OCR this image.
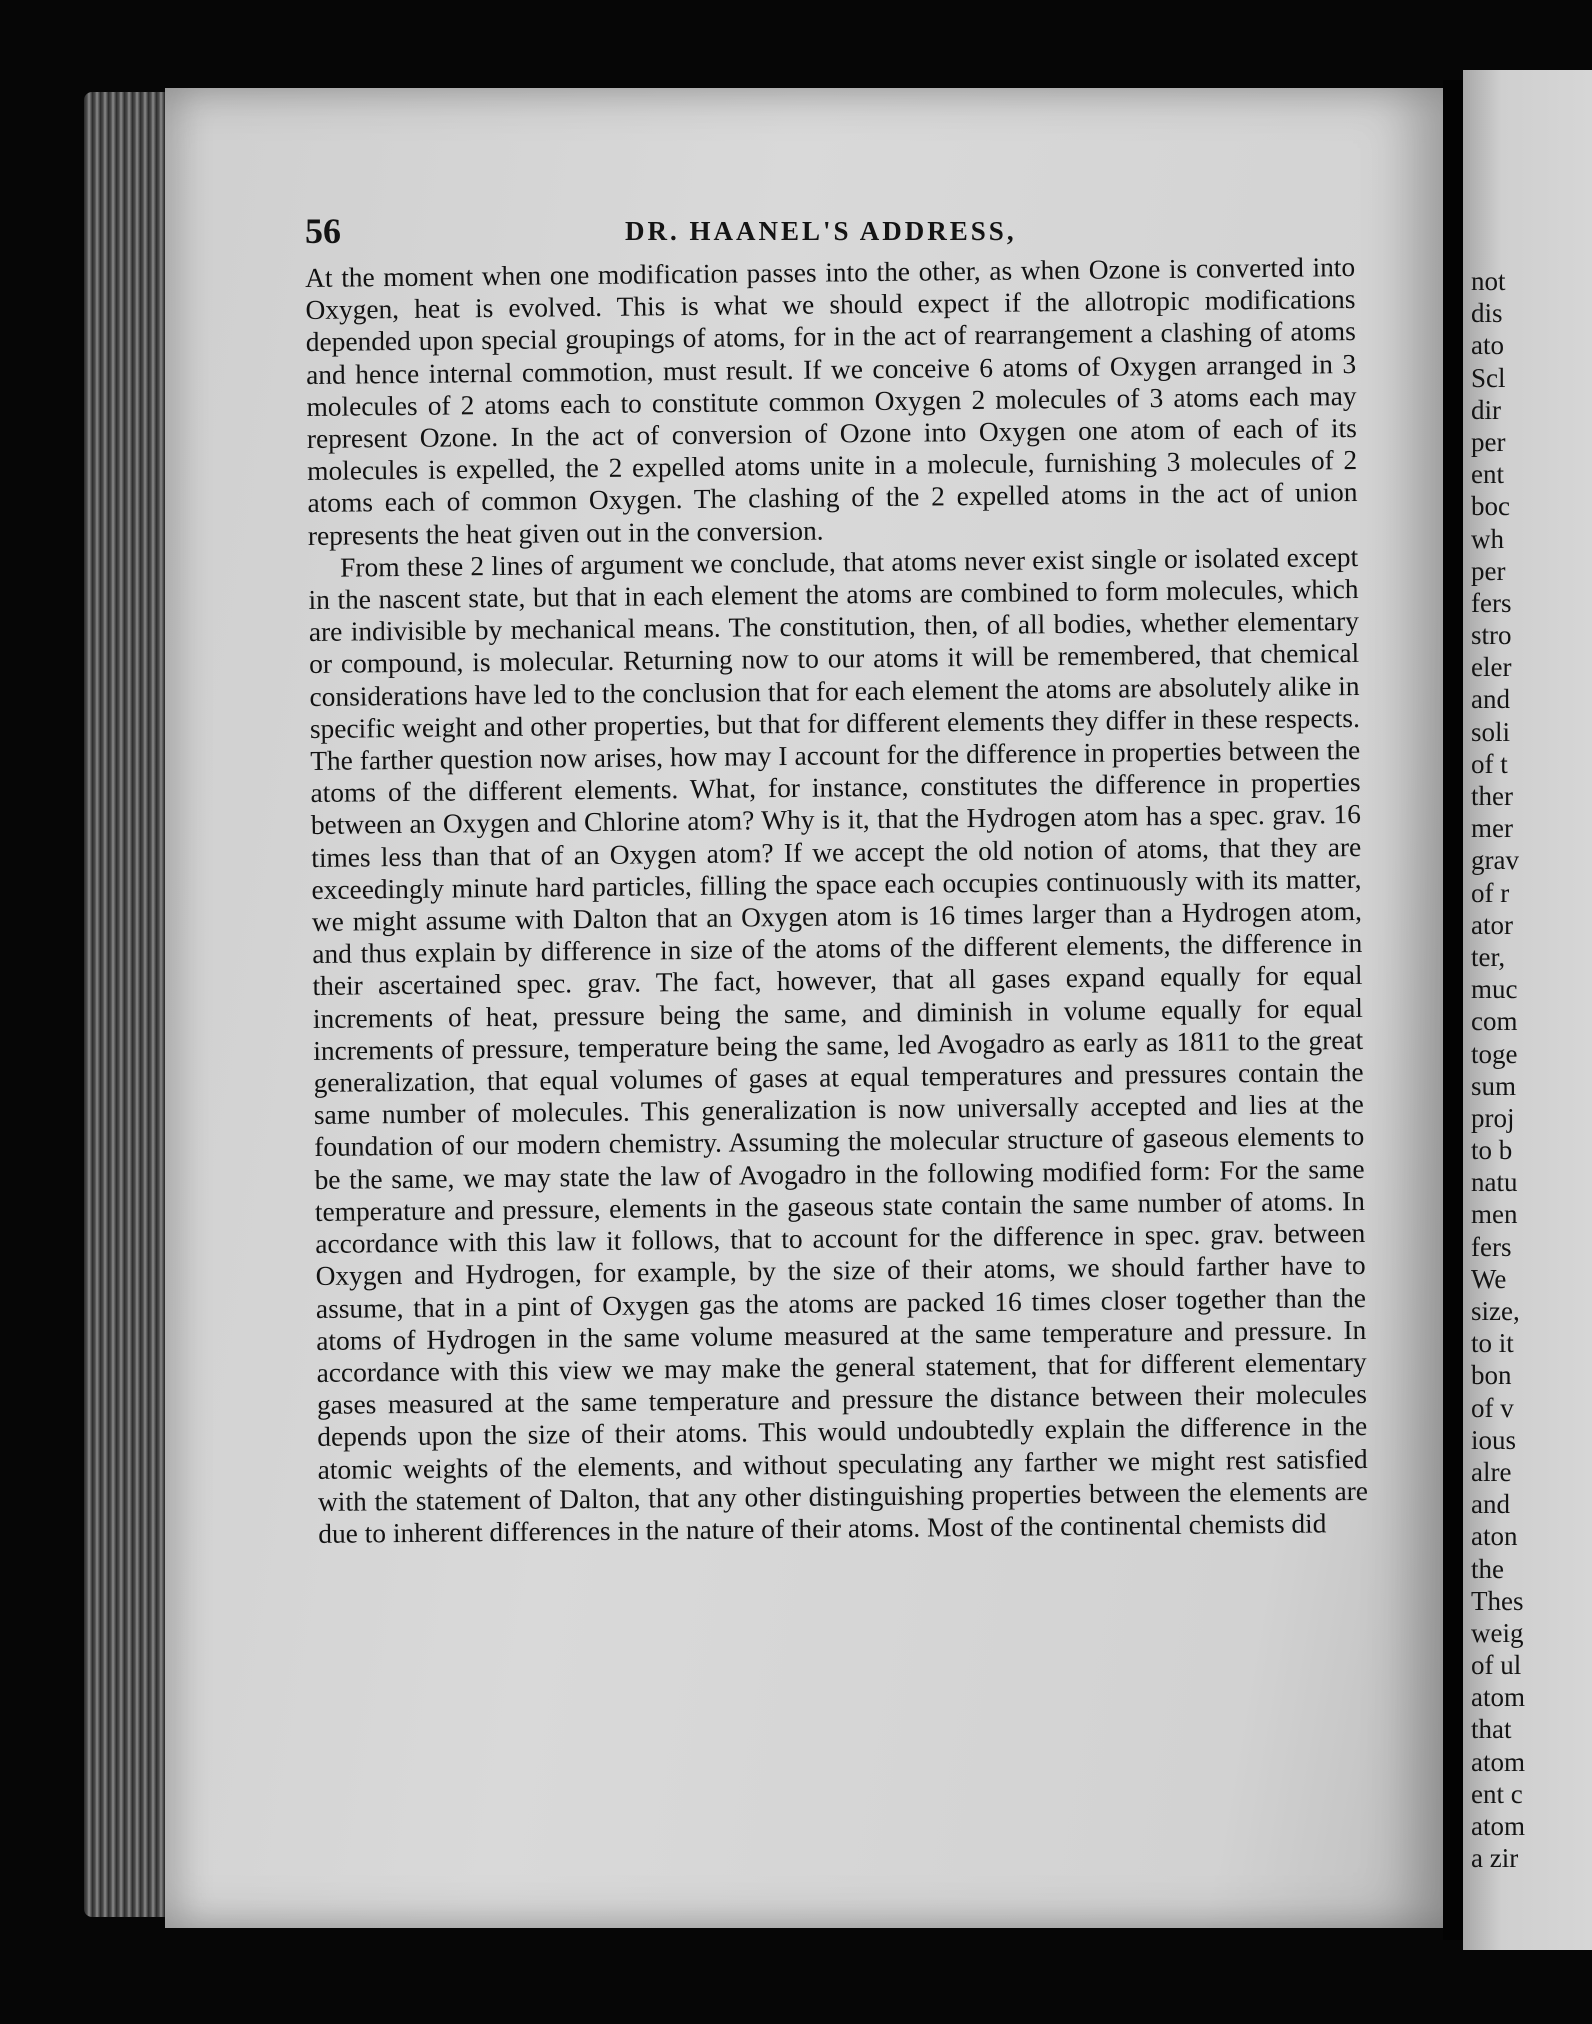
not
dis
ato
Scl
dir
per
ent
boc
wh
per
fers
stro
eler
and
soli
of t
ther
mer
grav
of r
ator
ter,
muc
com
toge
sum
proj
to b
natu
men
fers
We
size,
to it
bon
of v
ious
alre
and
aton
the
Thes
weig
of ul
atom
that
atom
ent c
atom
a zir
56	DR. HAANEL'S ADDRESS,

At the moment when one modification passes into the other, as when Ozone is converted into Oxygen, heat is evolved. This is what we should expect if the allotropic modifications depended upon special groupings of atoms, for in the act of rearrangement a clashing of atoms and hence internal commotion, must result. If we conceive 6 atoms of Oxygen arranged in 3 molecules of 2 atoms each to constitute common Oxygen 2 molecules of 3 atoms each may represent Ozone. In the act of conversion of Ozone into Oxygen one atom of each of its molecules is expelled, the 2 expelled atoms unite in a molecule, furnishing 3 molecules of 2 atoms each of common Oxygen. The clashing of the 2 expelled atoms in the act of union represents the heat given out in the conversion.

From these 2 lines of argument we conclude, that atoms never exist single or isolated except in the nascent state, but that in each element the atoms are combined to form molecules, which are indivisible by mechanical means. The constitution, then, of all bodies, whether elementary or compound, is molecular. Returning now to our atoms it will be remembered, that chemical considerations have led to the conclusion that for each element the atoms are absolutely alike in specific weight and other properties, but that for different elements they differ in these respects. The farther question now arises, how may I account for the difference in properties between the atoms of the different elements. What, for instance, constitutes the difference in properties between an Oxygen and Chlorine atom? Why is it, that the Hydrogen atom has a spec. grav. 16 times less than that of an Oxygen atom? If we accept the old notion of atoms, that they are exceedingly minute hard particles, filling the space each occupies continuously with its matter, we might assume with Dalton that an Oxygen atom is 16 times larger than a Hydrogen atom, and thus explain by difference in size of the atoms of the different elements, the difference in their ascertained spec. grav. The fact, however, that all gases expand equally for equal increments of heat, pressure being the same, and diminish in volume equally for equal increments of pressure, temperature being the same, led Avogadro as early as 1811 to the great generalization, that equal volumes of gases at equal temperatures and pressures contain the same number of molecules. This generalization is now universally accepted and lies at the foundation of our modern chemistry. Assuming the molecular structure of gaseous elements to be the same, we may state the law of Avogadro in the following modified form: For the same temperature and pressure, elements in the gaseous state contain the same number of atoms. In accordance with this law it follows, that to account for the difference in spec. grav. between Oxygen and Hydrogen, for example, by the size of their atoms, we should farther have to assume, that in a pint of Oxygen gas the atoms are packed 16 times closer together than the atoms of Hydrogen in the same volume measured at the same temperature and pressure. In accordance with this view we may make the general statement, that for different elementary gases measured at the same temperature and pressure the distance between their molecules depends upon the size of their atoms. This would undoubtedly explain the difference in the atomic weights of the elements, and without speculating any farther we might rest satisfied with the statement of Dalton, that any other distinguishing properties between the elements are due to inherent differences in the nature of their atoms. Most of the continental chemists did
